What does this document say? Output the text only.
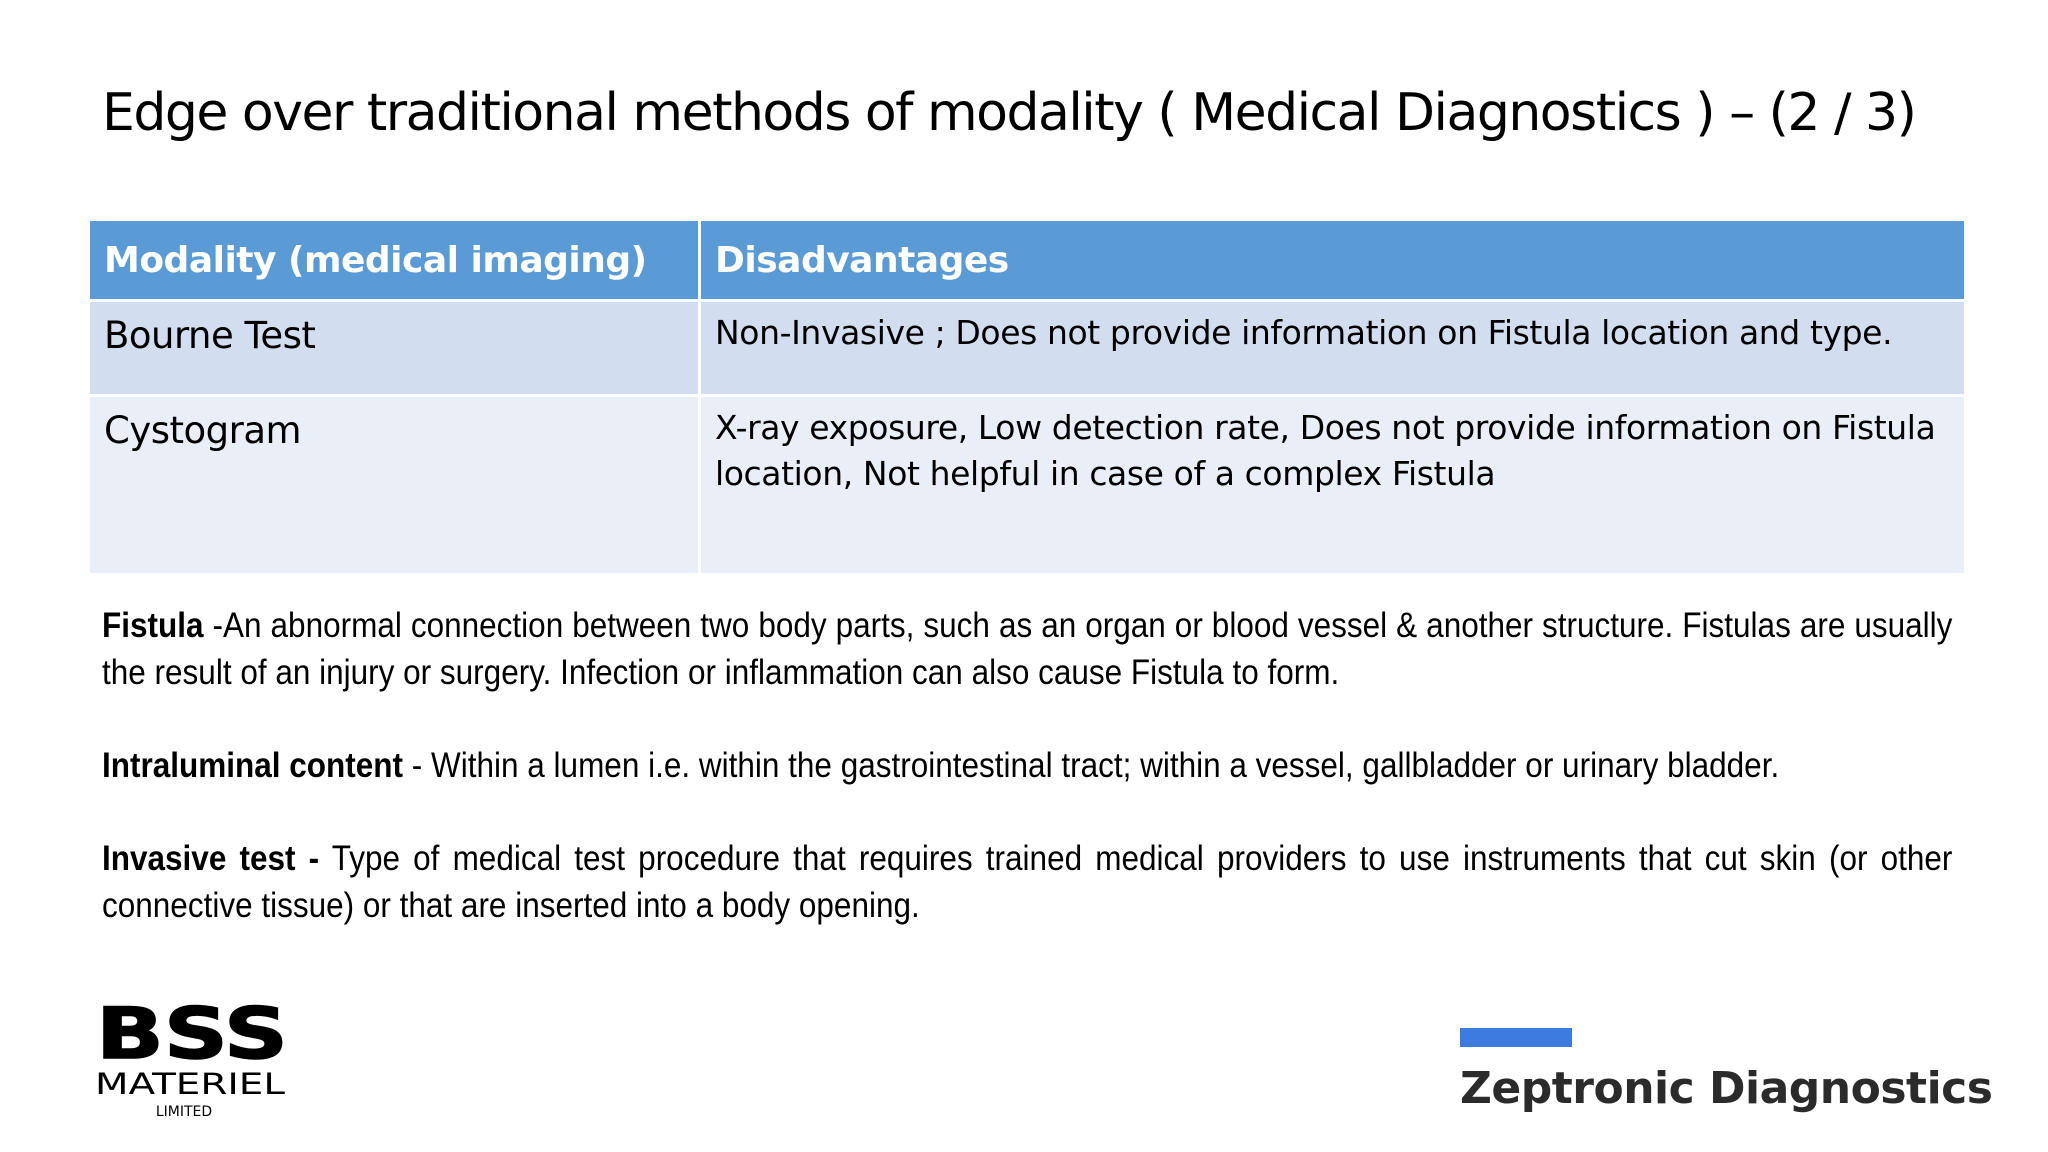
Edge over traditional methods of modality ( Medical Diagnostics ) – (2 / 3)
Modality (medical imaging)	Disadvantages
Bourne Test	Non-Invasive ; Does not provide information on Fistula location and type.
Cystogram	X-ray exposure, Low detection rate, Does not provide information on Fistula location, Not helpful in case of a complex Fistula

Fistula -An abnormal connection between two body parts, such as an organ or blood vessel & another structure. Fistulas are usually the result of an injury or surgery. Infection or inflammation can also cause Fistula to form.

Intraluminal content - Within a lumen i.e. within the gastrointestinal tract; within a vessel, gallbladder or urinary bladder.

Invasive test - Type of medical test procedure that requires trained medical providers to use instruments that cut skin (or other connective tissue) or that are inserted into a body opening.

BSS
MATERIEL
LIMITED	Zeptronic Diagnostics
